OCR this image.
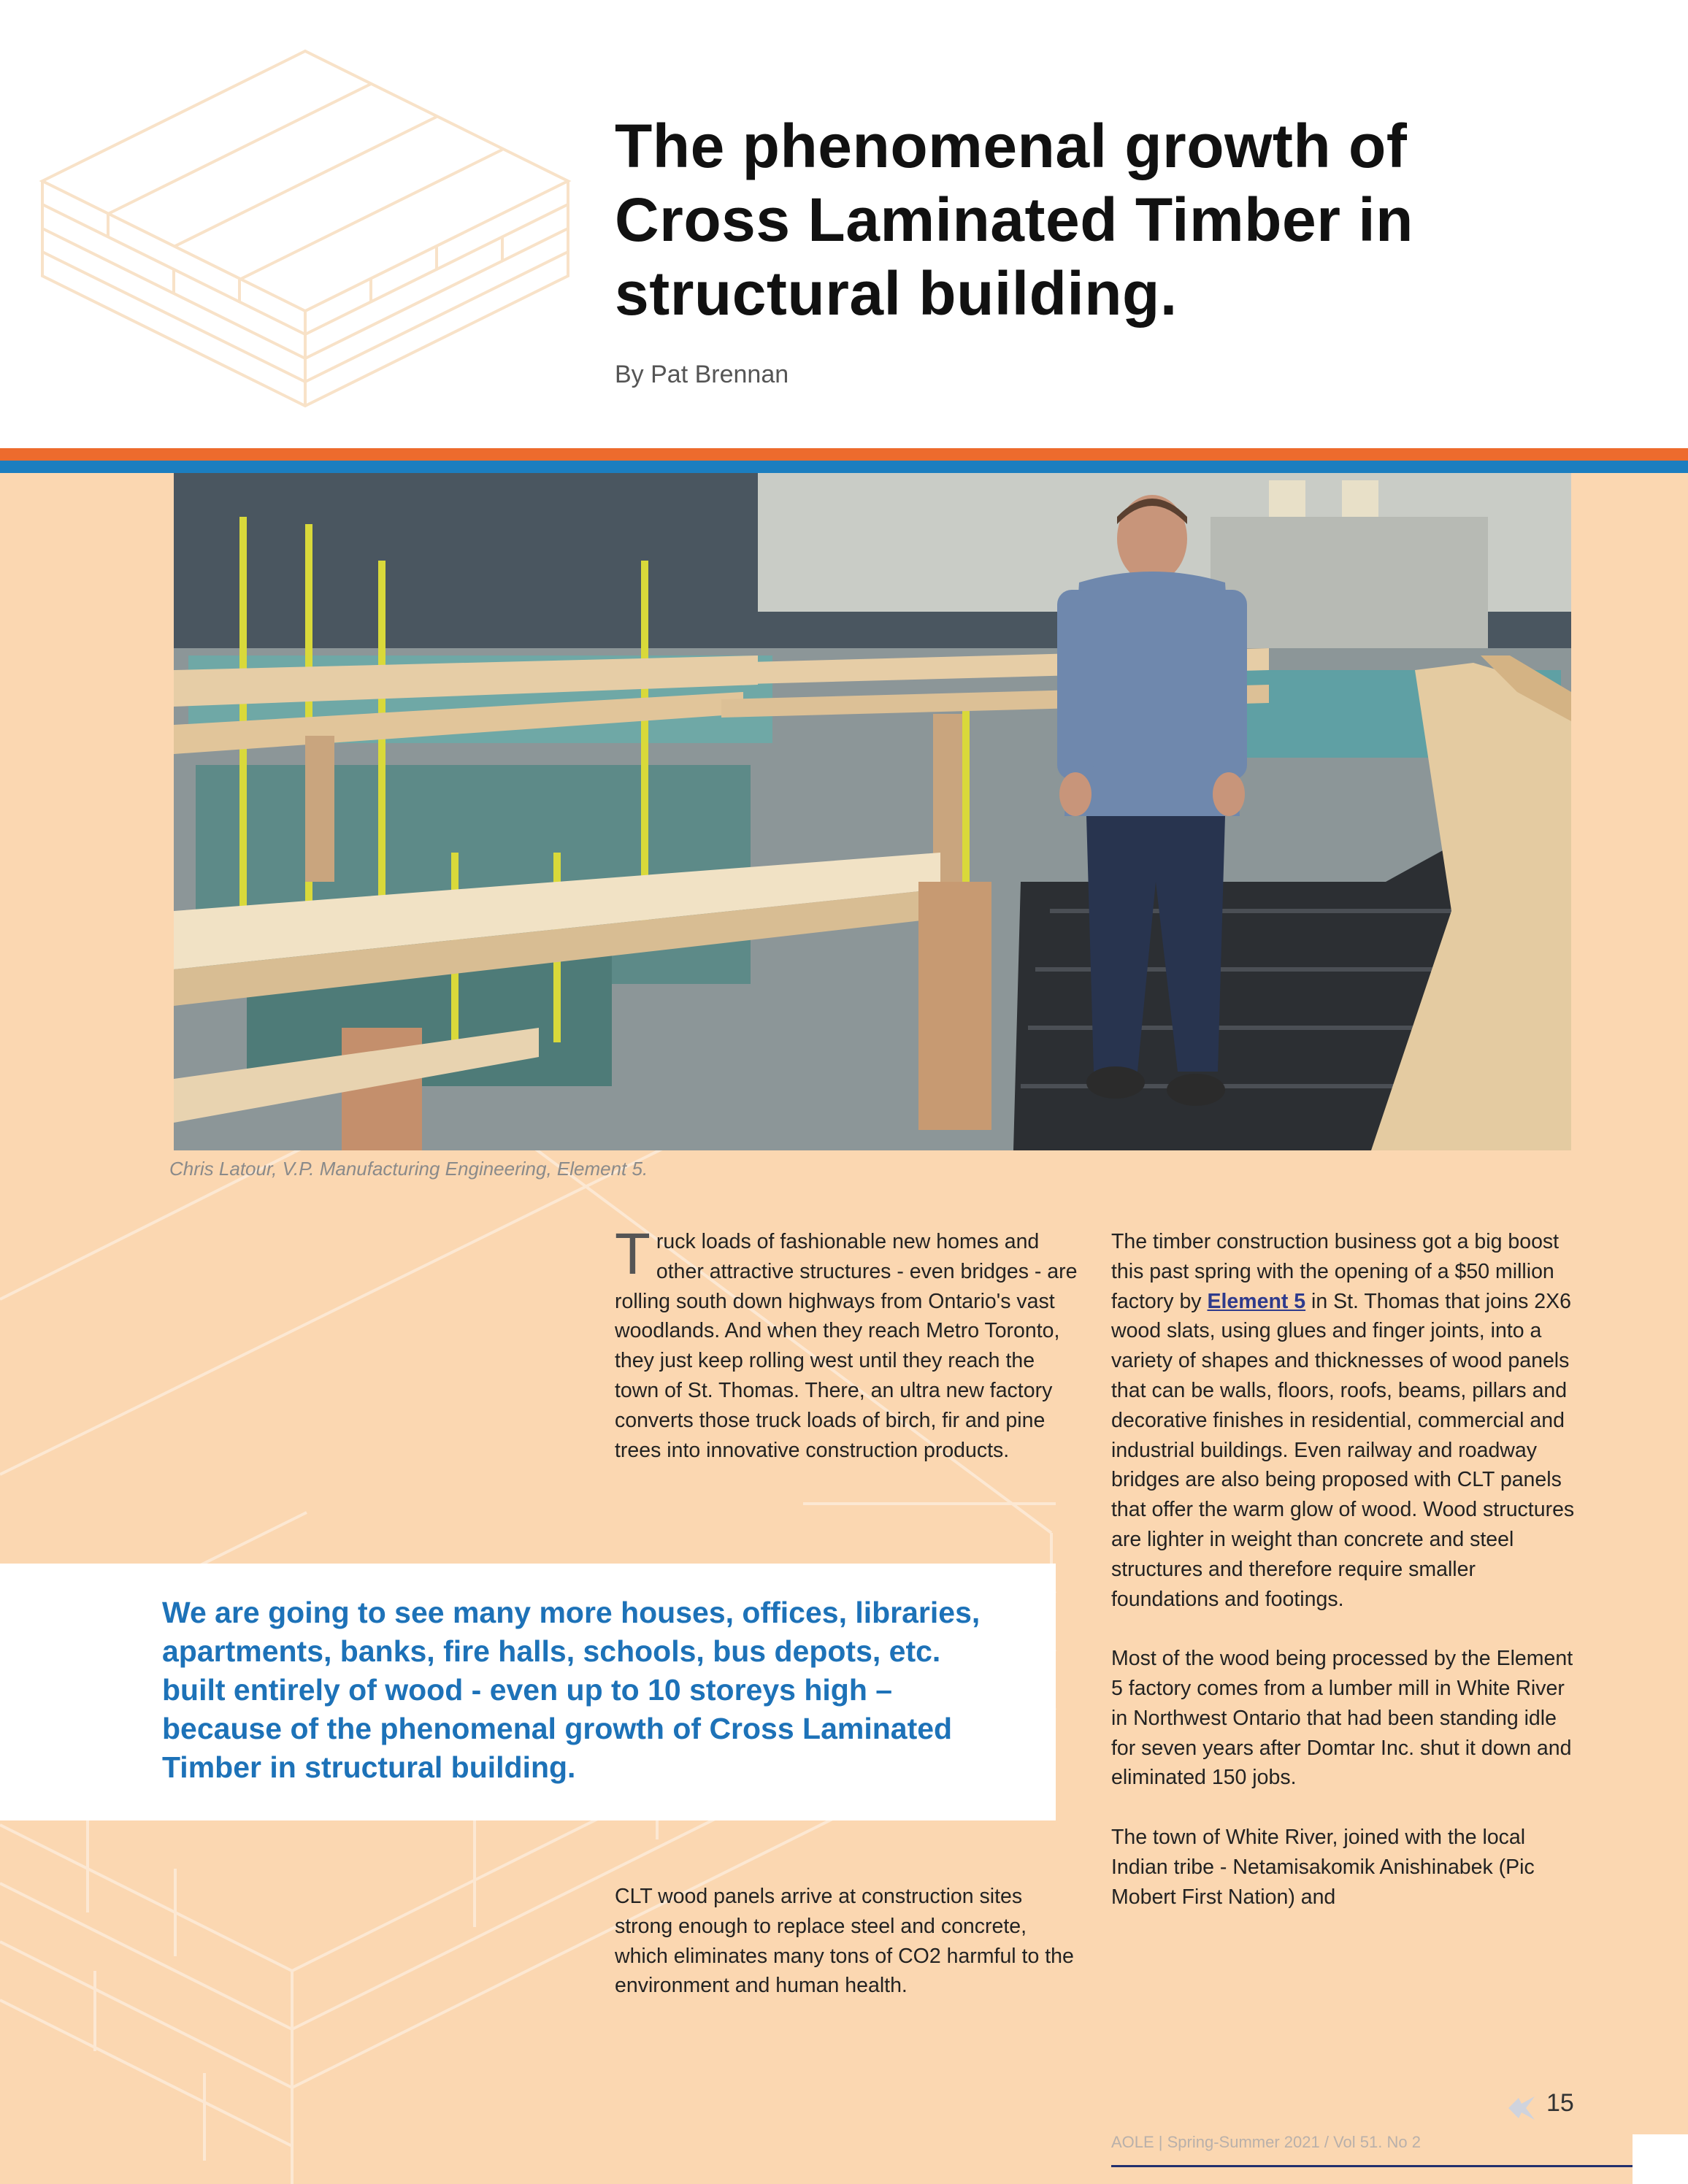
The phenomenal growth of Cross Laminated Timber in structural building.

By Pat Brennan

Chris Latour, V.P. Manufacturing Engineering, Element 5.

T ruck loads of fashionable new homes and other attractive structures - even bridges - are rolling south down highways from Ontario's vast woodlands. And when they reach Metro Toronto, they just keep rolling west until they reach the town of St. Thomas. There, an ultra new factory converts those truck loads of birch, fir and pine trees into innovative construction products.

We are going to see many more houses, offices, libraries, apartments, banks, fire halls, schools, bus depots, etc. built entirely of wood - even up to 10 storeys high – because of the phenomenal growth of Cross Laminated Timber in structural building.

CLT wood panels arrive at construction sites strong enough to replace steel and concrete, which eliminates many tons of CO2 harmful to the environment and human health.

The timber construction business got a big boost this past spring with the opening of a $50 million factory by Element 5 in St. Thomas that joins 2X6 wood slats, using glues and finger joints, into a variety of shapes and thicknesses of wood panels that can be walls, floors, roofs, beams, pillars and decorative finishes in residential, commercial and industrial buildings. Even railway and roadway bridges are also being proposed with CLT panels that offer the warm glow of wood. Wood structures are lighter in weight than concrete and steel structures and therefore require smaller foundations and footings.

Most of the wood being processed by the Element 5 factory comes from a lumber mill in White River in Northwest Ontario that had been standing idle for seven years after Domtar Inc. shut it down and eliminated 150 jobs.

The town of White River, joined with the local Indian tribe - Netamisakomik Anishinabek (Pic Mobert First Nation) and

AOLE | Spring-Summer 2021 / Vol 51. No 2

15
